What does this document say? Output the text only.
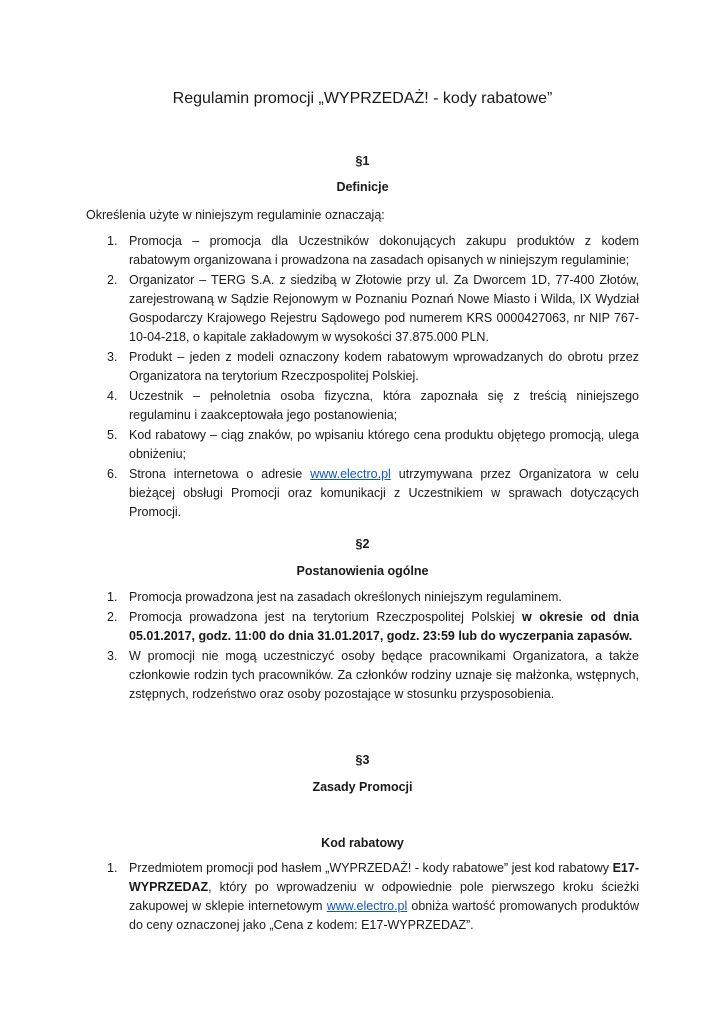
Regulamin promocji „WYPRZEDAŻ! - kody rabatowe”
§1
Definicje
Określenia użyte w niniejszym regulaminie oznaczają:
1. Promocja – promocja dla Uczestników dokonujących zakupu produktów z kodem rabatowym organizowana i prowadzona na zasadach opisanych w niniejszym regulaminie;
2. Organizator – TERG S.A. z siedzibą w Złotowie przy ul. Za Dworcem 1D, 77-400 Złotów, zarejestrowaną w Sądzie Rejonowym w Poznaniu Poznań Nowe Miasto i Wilda, IX Wydział Gospodarczy Krajowego Rejestru Sądowego pod numerem KRS 0000427063, nr NIP 767-10-04-218, o kapitale zakładowym w wysokości 37.875.000 PLN.
3. Produkt – jeden z modeli oznaczony kodem rabatowym wprowadzanych do obrotu przez Organizatora na terytorium Rzeczpospolitej Polskiej.
4. Uczestnik – pełnoletnia osoba fizyczna, która zapoznała się z treścią niniejszego regulaminu i zaakceptowała jego postanowienia;
5. Kod rabatowy – ciąg znaków, po wpisaniu którego cena produktu objętego promocją, ulega obniżeniu;
6. Strona internetowa o adresie www.electro.pl utrzymywana przez Organizatora w celu bieżącej obsługi Promocji oraz komunikacji z Uczestnikiem w sprawach dotyczących Promocji.
§2
Postanowienia ogólne
1. Promocja prowadzona jest na zasadach określonych niniejszym regulaminem.
2. Promocja prowadzona jest na terytorium Rzeczpospolitej Polskiej w okresie od dnia 05.01.2017, godz. 11:00 do dnia 31.01.2017, godz. 23:59 lub do wyczerpania zapasów.
3. W promocji nie mogą uczestniczyć osoby będące pracownikami Organizatora, a także członkowie rodzin tych pracowników. Za członków rodziny uznaje się małżonka, wstępnych, zstępnych, rodzeństwo oraz osoby pozostające w stosunku przysposobienia.
§3
Zasady Promocji
Kod rabatowy
1. Przedmiotem promocji pod hasłem „WYPRZEDAŻ! - kody rabatowe” jest kod rabatowy E17-WYPRZEDAZ, który po wprowadzeniu w odpowiednie pole pierwszego kroku ścieżki zakupowej w sklepie internetowym www.electro.pl obniża wartość promowanych produktów do ceny oznaczonej jako „Cena z kodem: E17-WYPRZEDAZ”.
